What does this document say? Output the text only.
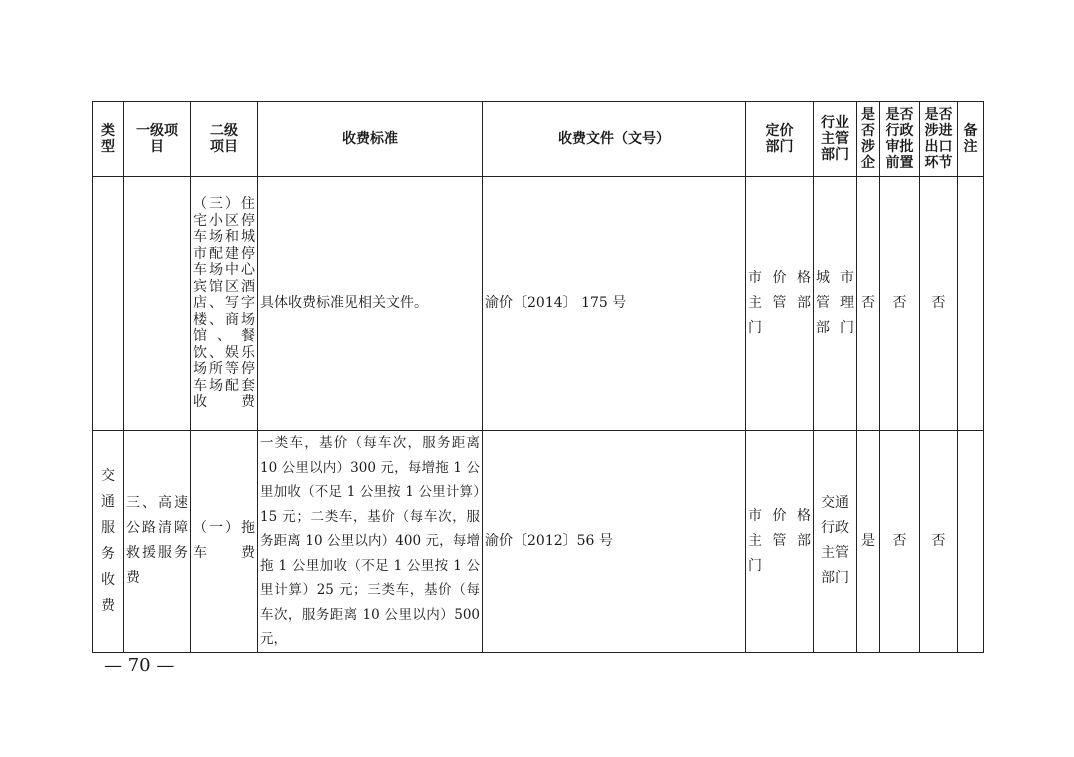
类型	一级项目	二级项目	收费标准	收费文件（文号）	定价部门	行业主管部门	是否涉企	是否行政审批前置	是否涉进出口环节	备注
		（三）住宅小区停车场和城市配建停车场中心宾馆区酒店、写字楼、商场馆、餐饮、娱乐场所等停车场配套收费	具体收费标准见相关文件。	渝价〔2014〕 175 号	市 价 格主 管 部门	城 市管 理部门	否	否	否	
交通服务收费	三、高速公路清障救援服务费	（一）拖车费	一类车，基价（每车次，服务距离 10 公里以内）300 元，每增拖 1 公里加收（不足 1 公里按 1 公里计算）15 元；二类车，基价（每车次，服务距离 10 公里以内）400 元，每增拖 1 公里加收（不足 1 公里按 1 公里计算）25 元；三类车，基价（每车次，服务距离 10 公里以内）500 元，	渝价〔2012〕56 号	市 价 格主 管 部门	交通行政主管部门	是	否	否	
— 70 —
